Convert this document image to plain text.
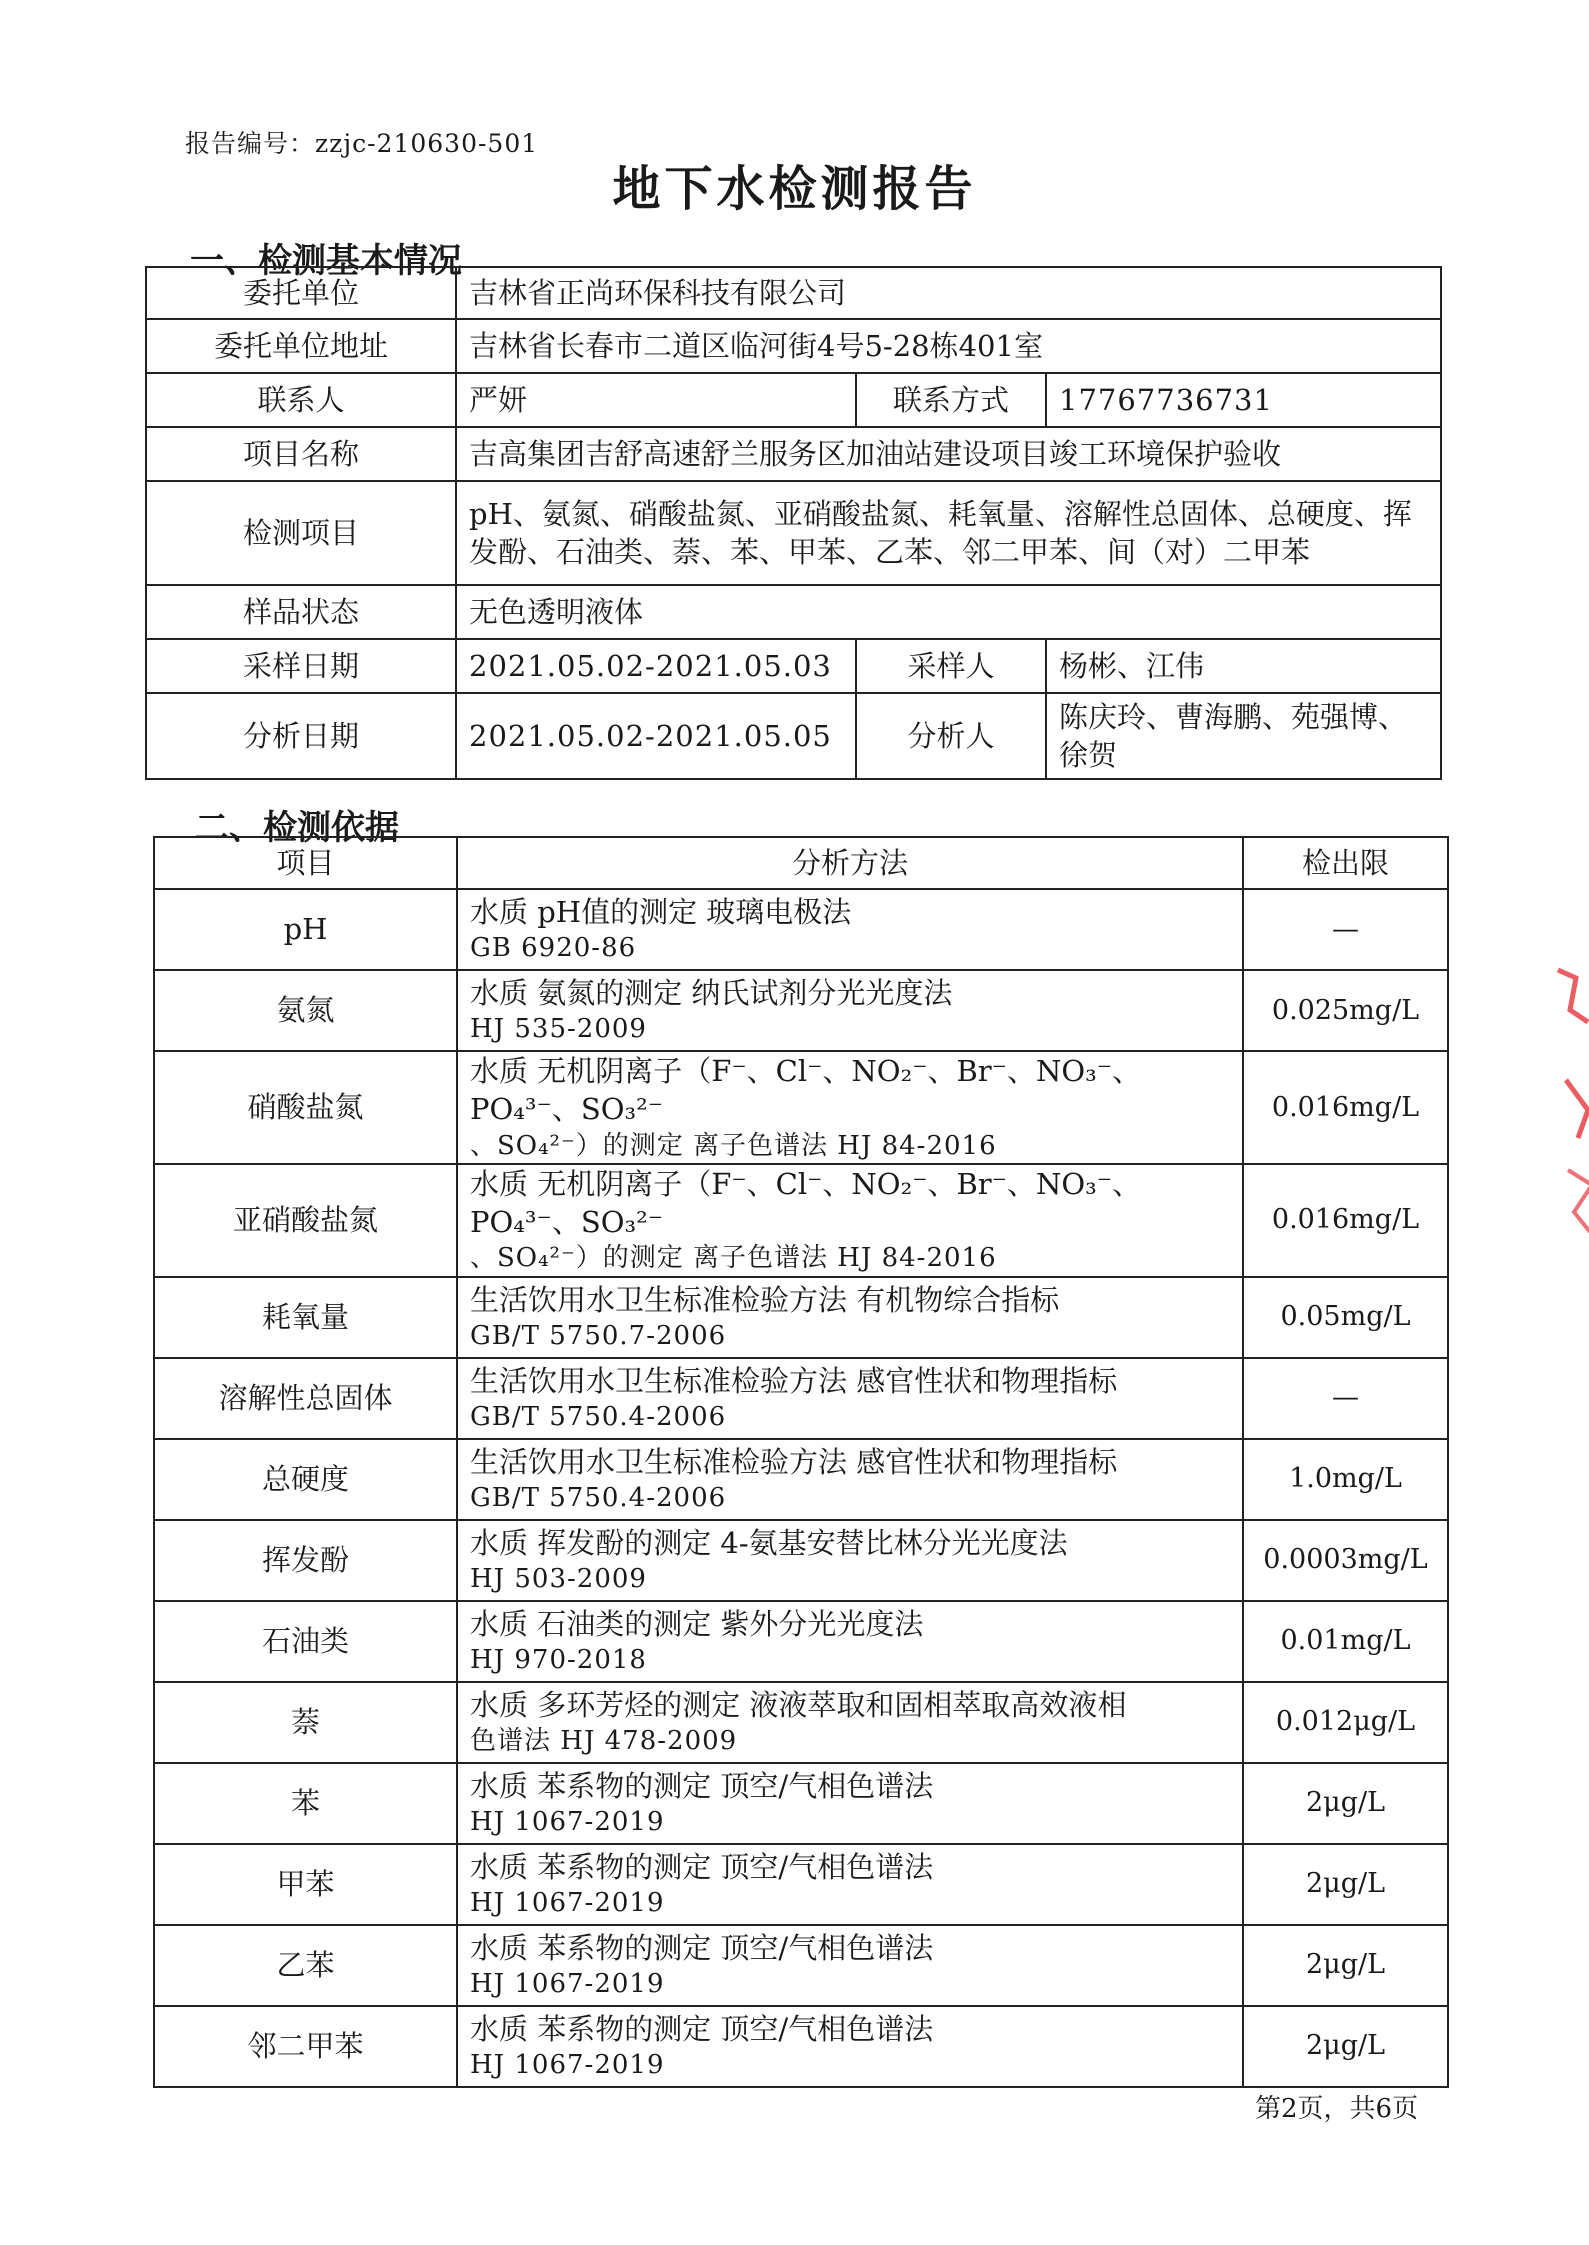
报告编号：zzjc-210630-501
地下水检测报告
一、检测基本情况
委托单位	吉林省正尚环保科技有限公司		
委托单位地址	吉林省长春市二道区临河街4号5-28栋401室		
联系人	严妍	联系方式	17767736731
项目名称	吉高集团吉舒高速舒兰服务区加油站建设项目竣工环境保护验收		
检测项目	pH、氨氮、硝酸盐氮、亚硝酸盐氮、耗氧量、溶解性总固体、总硬度、挥发酚、石油类、萘、苯、甲苯、乙苯、邻二甲苯、间（对）二甲苯		
样品状态	无色透明液体		
采样日期	2021.05.02-2021.05.03	采样人	杨彬、江伟
分析日期	2021.05.02-2021.05.05	分析人	陈庆玲、曹海鹏、苑强博、徐贺
二、检测依据
项目	分析方法	检出限
pH	水质 pH值的测定 玻璃电极法
GB 6920-86	—
氨氮	水质 氨氮的测定 纳氏试剂分光光度法
HJ 535-2009	0.025mg/L
硝酸盐氮	水质 无机阴离子（F⁻、Cl⁻、NO₂⁻、Br⁻、NO₃⁻、PO₄³⁻、SO₃²⁻
、SO₄²⁻）的测定 离子色谱法 HJ 84-2016	0.016mg/L
亚硝酸盐氮	水质 无机阴离子（F⁻、Cl⁻、NO₂⁻、Br⁻、NO₃⁻、PO₄³⁻、SO₃²⁻
、SO₄²⁻）的测定 离子色谱法 HJ 84-2016	0.016mg/L
耗氧量	生活饮用水卫生标准检验方法 有机物综合指标
GB/T 5750.7-2006	0.05mg/L
溶解性总固体	生活饮用水卫生标准检验方法 感官性状和物理指标
GB/T 5750.4-2006	—
总硬度	生活饮用水卫生标准检验方法 感官性状和物理指标
GB/T 5750.4-2006	1.0mg/L
挥发酚	水质 挥发酚的测定 4-氨基安替比林分光光度法
HJ 503-2009	0.0003mg/L
石油类	水质 石油类的测定 紫外分光光度法
HJ 970-2018	0.01mg/L
萘	水质 多环芳烃的测定 液液萃取和固相萃取高效液相
色谱法 HJ 478-2009	0.012μg/L
苯	水质 苯系物的测定 顶空/气相色谱法
HJ 1067-2019	2μg/L
甲苯	水质 苯系物的测定 顶空/气相色谱法
HJ 1067-2019	2μg/L
乙苯	水质 苯系物的测定 顶空/气相色谱法
HJ 1067-2019	2μg/L
邻二甲苯	水质 苯系物的测定 顶空/气相色谱法
HJ 1067-2019	2μg/L
第2页，共6页
